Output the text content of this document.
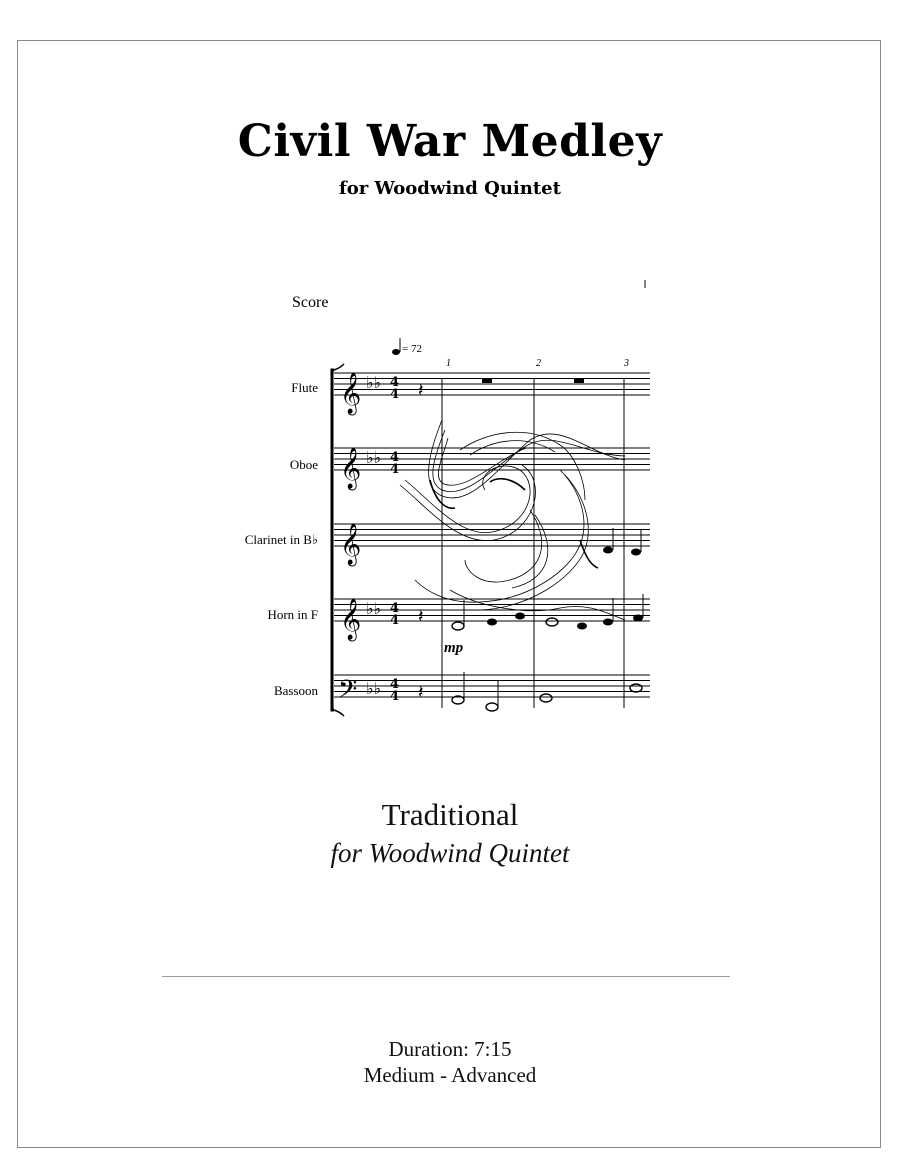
Civil War Medley
for Woodwind Quintet
𝄞
𝄞
𝄞
𝄞
𝄢
♭♭
♭♭
♭♭
♭♭
4
4
4
4
4
4
4
4
𝄽
𝄽
𝄽
Score
= 72
1	2	3
Flute
Oboe
Clarinet in B♭
Horn in F
Bassoon
mp
Traditional
for Woodwind Quintet
Duration: 7:15
Medium - Advanced
